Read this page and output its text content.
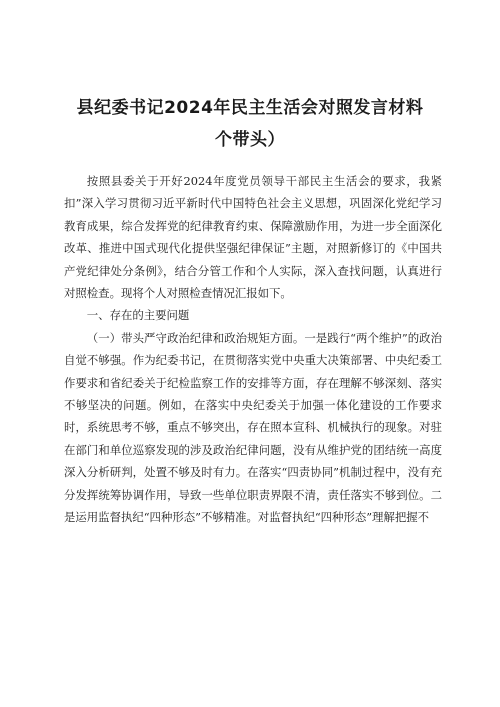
县纪委书记2024年民主生活会对照发言材料
个带头）

按照县委关于开好2024年度党员领导干部民主生活会的要求，我紧扣”深入学习贯彻习近平新时代中国特色社会主义思想，巩固深化党纪学习教育成果，综合发挥党的纪律教育约束、保障激励作用，为进一步全面深化改革、推进中国式现代化提供坚强纪律保证”主题，对照新修订的《中国共产党纪律处分条例》，结合分管工作和个人实际，深入查找问题，认真进行对照检查。现将个人对照检查情况汇报如下。

一、存在的主要问题

（一）带头严守政治纪律和政治规矩方面。一是践行“两个维护”的政治自觉不够强。作为纪委书记，在贯彻落实党中央重大决策部署、中央纪委工作要求和省纪委关于纪检监察工作的安排等方面，存在理解不够深刻、落实不够坚决的问题。例如，在落实中央纪委关于加强一体化建设的工作要求时，系统思考不够，重点不够突出，存在照本宣科、机械执行的现象。对驻在部门和单位巡察发现的涉及政治纪律问题，没有从维护党的团结统一高度深入分析研判，处置不够及时有力。在落实“四责协同”机制过程中，没有充分发挥统筹协调作用，导致一些单位职责界限不清，责任落实不够到位。二是运用监督执纪“四种形态”不够精准。对监督执纪“四种形态”理解把握不
